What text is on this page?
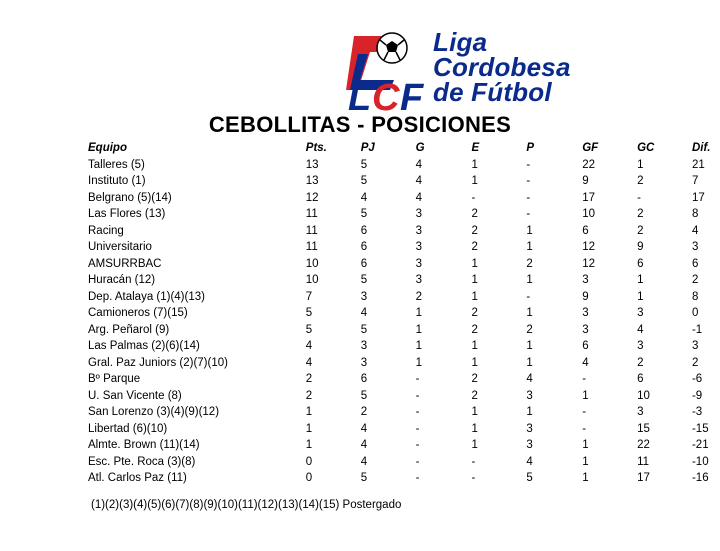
L C F
Liga
Cordobesa
de Fútbol
CEBOLLITAS - POSICIONES
Equipo	Pts.	PJ	G	E	P	GF	GC	Dif.
Talleres (5)	13	5	4	1	-	22	1	21
Instituto (1)	13	5	4	1	-	9	2	7
Belgrano (5)(14)	12	4	4	-	-	17	-	17
Las Flores (13)	11	5	3	2	-	10	2	8
Racing	11	6	3	2	1	6	2	4
Universitario	11	6	3	2	1	12	9	3
AMSURRBAC	10	6	3	1	2	12	6	6
Huracán (12)	10	5	3	1	1	3	1	2
Dep. Atalaya (1)(4)(13)	7	3	2	1	-	9	1	8
Camioneros (7)(15)	5	4	1	2	1	3	3	0
Arg. Peñarol (9)	5	5	1	2	2	3	4	-1
Las Palmas (2)(6)(14)	4	3	1	1	1	6	3	3
Gral. Paz Juniors (2)(7)(10)	4	3	1	1	1	4	2	2
Bº Parque	2	6	-	2	4	-	6	-6
U. San Vicente (8)	2	5	-	2	3	1	10	-9
San Lorenzo (3)(4)(9)(12)	1	2	-	1	1	-	3	-3
Libertad (6)(10)	1	4	-	1	3	-	15	-15
Almte. Brown (11)(14)	1	4	-	1	3	1	22	-21
Esc. Pte. Roca (3)(8)	0	4	-	-	4	1	11	-10
Atl. Carlos Paz (11)	0	5	-	-	5	1	17	-16
(1)(2)(3)(4)(5)(6)(7)(8)(9)(10)(11)(12)(13)(14)(15) Postergado
